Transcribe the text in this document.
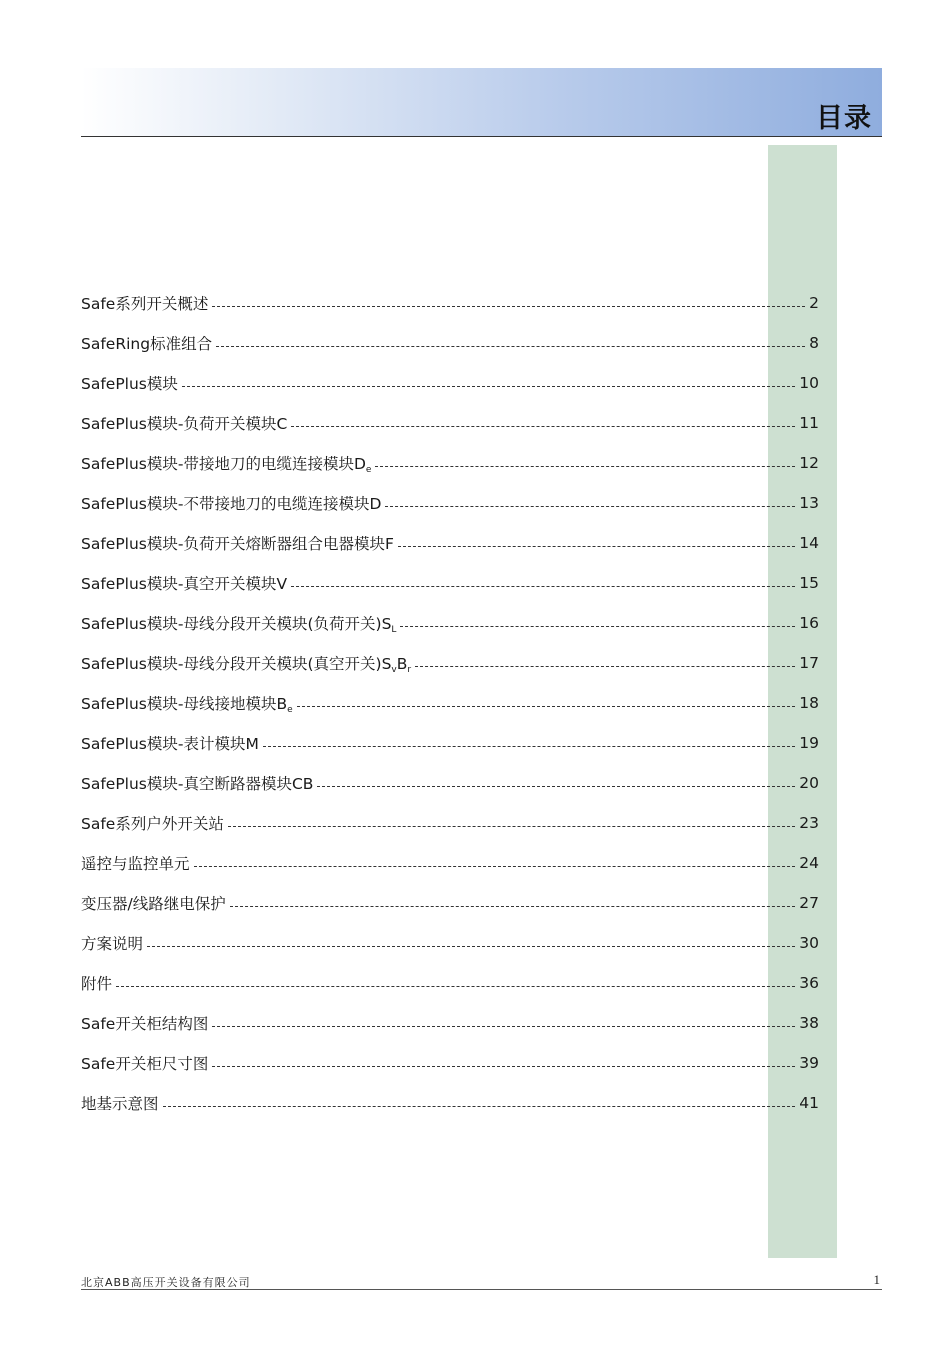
目录
Safe系列开关概述	2
SafeRing标准组合	8
SafePlus模块	10
SafePlus模块-负荷开关模块C	11
SafePlus模块-带接地刀的电缆连接模块$D_e$	12
SafePlus模块-不带接地刀的电缆连接模块D	13
SafePlus模块-负荷开关熔断器组合电器模块F	14
SafePlus模块-真空开关模块V	15
SafePlus模块-母线分段开关模块(负荷开关)$S_L$	16
SafePlus模块-母线分段开关模块(真空开关)$S_vB_r$	17
SafePlus模块-母线接地模块$B_e$	18
SafePlus模块-表计模块M	19
SafePlus模块-真空断路器模块CB	20
Safe系列户外开关站	23
遥控与监控单元	24
变压器/线路继电保护	27
方案说明	30
附件	36
Safe开关柜结构图	38
Safe开关柜尺寸图	39
地基示意图	41
北京ABB高压开关设备有限公司	1
